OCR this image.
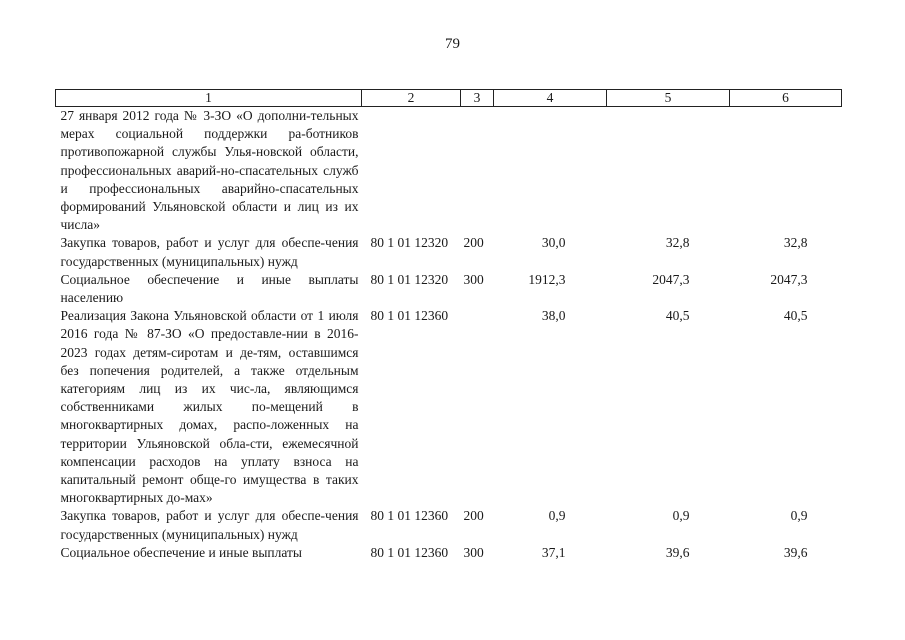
79
1	2	3	4	5	6
27 января 2012 года № 3-ЗО «О дополни-тельных мерах социальной поддержки ра-ботников противопожарной службы Улья-новской области, профессиональных аварий-но-спасательных служб и профессиональных аварийно-спасательных формирований Ульяновской области и лиц из их числа»					
Закупка товаров, работ и услуг для обеспе-чения государственных (муниципальных) нужд	80 1 01 12320	200	30,0	32,8	32,8
Социальное обеспечение и иные выплаты населению	80 1 01 12320	300	1912,3	2047,3	2047,3
Реализация Закона Ульяновской области от 1 июля 2016 года № 87-ЗО «О предоставле-нии в 2016-2023 годах детям-сиротам и де-тям, оставшимся без попечения родителей, а также отдельным категориям лиц из их чис-ла, являющимся собственниками жилых по-мещений в многоквартирных домах, распо-ложенных на территории Ульяновской обла-сти, ежемесячной компенсации расходов на уплату взноса на капитальный ремонт обще-го имущества в таких многоквартирных до-мах»	80 1 01 12360		38,0	40,5	40,5
Закупка товаров, работ и услуг для обеспе-чения государственных (муниципальных) нужд	80 1 01 12360	200	0,9	0,9	0,9
Социальное обеспечение и иные выплаты	80 1 01 12360	300	37,1	39,6	39,6
